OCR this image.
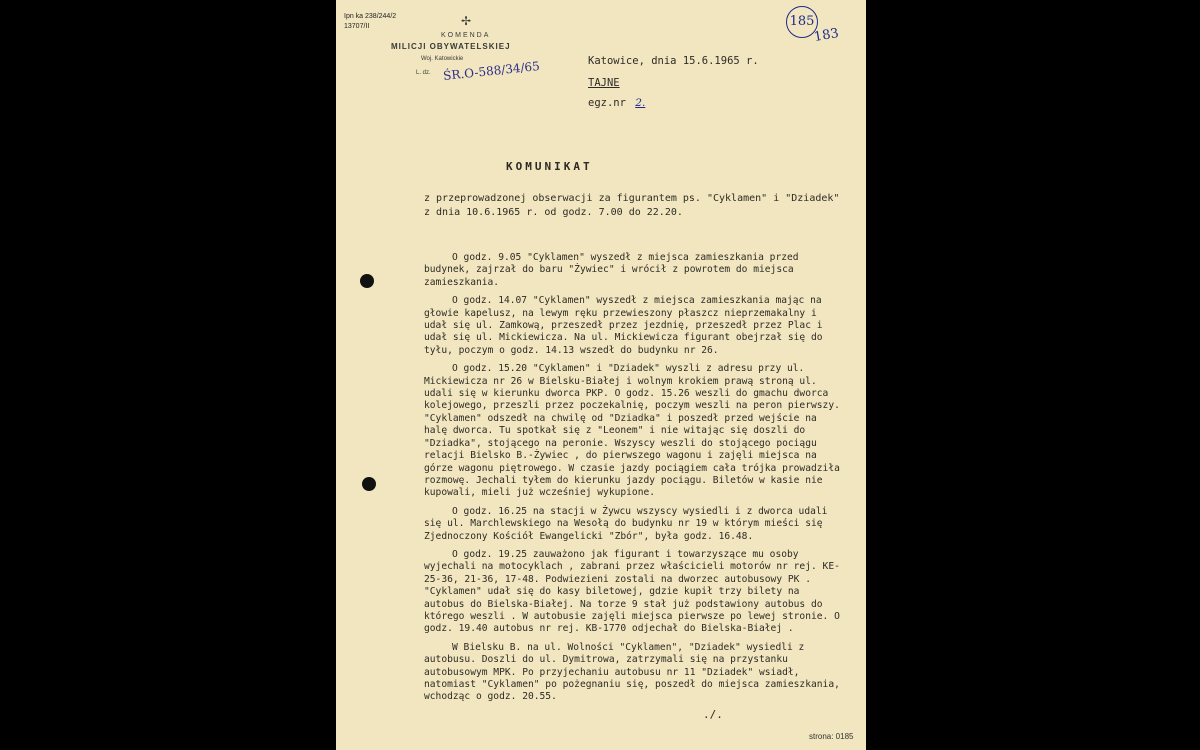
Ipn ka 238/244/2
13707/II	✢
KOMENDA
MILICJI OBYWATELSKIEJ
Woj. Katowickie
L. dz. ŚR.O-588/34/65
185
183
Katowice, dnia 15.6.1965 r.
TAJNE
egz.nr 2.
KOMUNIKAT
z przeprowadzonej obserwacji za figurantem ps. "Cyklamen" i "Dziadek" z dnia 10.6.1965 r. od godz. 7.00 do 22.20.

O godz. 9.05 "Cyklamen" wyszedł z miejsca zamieszkania przed budynek, zajrzał do baru "Żywiec" i wrócił z powrotem do miejsca zamieszkania.

O godz. 14.07 "Cyklamen" wyszedł z miejsca zamieszkania mając na głowie kapelusz, na lewym ręku przewieszony płaszcz nieprzemakalny i udał się ul. Zamkową, przeszedł przez jezdnię, przeszedł przez Plac i udał się ul. Mickiewicza. Na ul. Mickiewicza figurant obejrzał się do tyłu, poczym o godz. 14.13 wszedł do budynku nr 26.

O godz. 15.20 "Cyklamen" i "Dziadek" wyszli z adresu przy ul. Mickiewicza nr 26 w Bielsku-Białej i wolnym krokiem prawą stroną ul. udali się w kierunku dworca PKP. O godz. 15.26 weszli do gmachu dworca kolejowego, przeszli przez poczekalnię, poczym weszli na peron pierwszy. "Cyklamen" odszedł na chwilę od "Dziadka" i poszedł przed wejście na halę dworca. Tu spotkał się z "Leonem" i nie witając się doszli do "Dziadka", stojącego na peronie. Wszyscy weszli do stojącego pociągu relacji Bielsko B.-Żywiec , do pierwszego wagonu i zajęli miejsca na górze wagonu piętrowego. W czasie jazdy pociągiem cała trójka prowadziła rozmowę. Jechali tyłem do kierunku jazdy pociągu. Biletów w kasie nie kupowali, mieli już wcześniej wykupione.

O godz. 16.25 na stacji w Żywcu wszyscy wysiedli i z dworca udali się ul. Marchlewskiego na Wesołą do budynku nr 19 w którym mieści się Zjednoczony Kościół Ewangelicki "Zbór", była godz. 16.48.

O godz. 19.25 zauważono jak figurant i towarzyszące mu osoby wyjechali na motocyklach , zabrani przez właścicieli motorów nr rej. KE-25-36, 21-36, 17-48. Podwiezieni zostali na dworzec autobusowy PK . "Cyklamen" udał się do kasy biletowej, gdzie kupił trzy bilety na autobus do Bielska-Białej. Na torze 9 stał już podstawiony autobus do którego weszli . W autobusie zajęli miejsca pierwsze po lewej stronie. O godz. 19.40 autobus nr rej. KB-1770 odjechał do Bielska-Białej .

W Bielsku B. na ul. Wolności "Cyklamen", "Dziadek" wysiedli z autobusu. Doszli do ul. Dymitrowa, zatrzymali się na przystanku autobusowym MPK. Po przyjechaniu autobusu nr 11 "Dziadek" wsiadł, natomiast "Cyklamen" po pożegnaniu się, poszedł do miejsca zamieszkania, wchodząc o godz. 20.55.

./.
strona: 0185
